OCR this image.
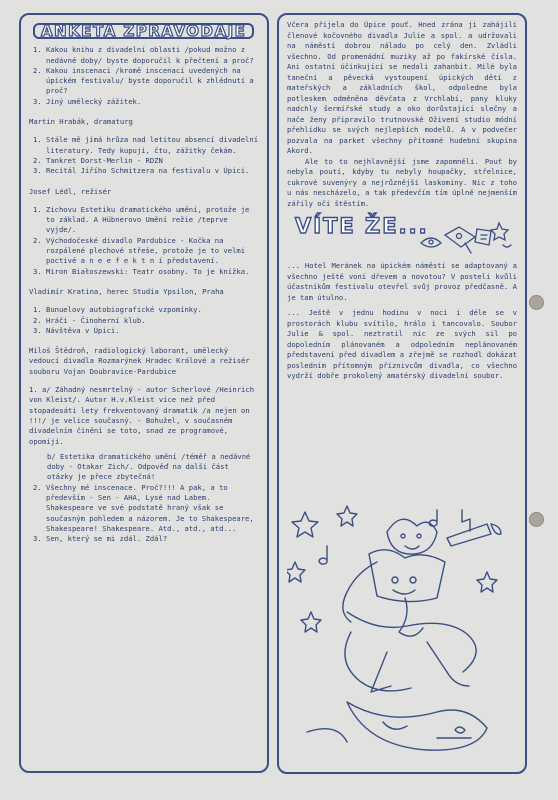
ANKETA ZPRAVODAJE
1. Kakou knihu z divadelní oblasti /pokud možno z nedávné doby/ byste doporučil k přečtení a proč?
2. Kakou inscenaci /kromě inscenací uvedených na úpickém festivalu/ byste doporučil k zhlédnutí a proč?
3. Jiný umělecký zážitek.

Martin Hrabák, dramaturg

1. Stále mě jímá hrůza nad letitou absencí divadelní literatury. Tedy kupuji, čtu, zážitky čekám.
2. Tankret Dorst-Merlin - RDZN
3. Recitál Jiřího Schmitzera na festivalu v Úpici.

Josef Lédl, režisér

1. Zichovu Estetiku dramatického umění, protože je to základ. A Hübnerovo Umění režie /teprve vyjde/.
2. Východočeské divadlo Pardubice - Kočka na rozpálené plechové střeše, protože je to velmi poctivé a n e e f e k t n í představení.
3. Miron Białoszewski: Teatr osobny. To je knížka.

Vladimír Kratina, herec Studia Ypsilon, Praha

1. Bunuelovy autobiografické vzpomínky.
2. Hráči - Činoherní klub.
3. Návštěva v Úpici.

Miloš Štědroň, radiologický laborant, umělecký vedoucí divadla Rozmarýnek Hradec Králové a režisér souboru Vojan Doubravice-Pardubice

1. a/ Záhadný nesmrtelný - autor Scherlové /Heinrich von Kleist/. Autor H.v.Kleist více než před stopadesáti lety frekventovaný dramatik /a nejen on !!!/ je velice současný. - Bohužel, v současném divadelním činění se toto, snad ze programové, opomíjí.

b/ Estetika dramatického umění /téměř a nedávné doby - Otakar Zich/. Odpověď na další část otázky je přece zbytečná!

2. Všechny mé inscenace. Proč?!!! A pak, a to především - Sen - AHA, Lysé nad Labem. Shakespeare ve své podstatě hraný však se současným pohledem a názorem. Je to Shakespeare, Shakespeare! Shakespeare. Atd., atd., atd...
3. Sen, který se mi zdál. Zdál?

Včera přijela do Úpice pouť. Hned zrána ji zahájili členové kočovného divadla Julie a spol. a udržovali na náměstí dobrou náladu po celý den. Zvládli všechno. Od promenádní muziky až po fakírské čísla. Ani ostatní účinkující se nedali zahanbit. Milé byla taneční a pěvecká vystoupení úpických dětí z mateřských a základních škol, odpoledne byla potleskem odměněna děvčata z Vrchlabí, pany kluky nadchly šermířské study a oko dorůstající slečny a nače ženy připravilo trutnovské Oživení studio módní přehlídku se svých nejlepších modelů. A v podvečer pozvala na parket všechny přítomné hudební skupina Akord.

Ale to to nejhlavnější jsme zapomněli. Pouť by nebyla poutí, kdyby tu nebyly houpačky, střelnice, cukrové suvenýry a nejrůznější laskominy. Nic z toho u nás nescházelo, a tak předevčím tím úplně nejmenším zářily oči štěstím.

VÍTE ŽE...

... Hotel Meránek na úpickém náměstí se adaptovaný a všechno ještě voní dřevem a novotou? V posteli kvůli účastníkům festivalu otevřel svůj provoz předčasně. A je tam útulno.

... Ještě v jednu hodinu v noci i déle se v prostorách klubu svítilo, hrálo i tancovalo. Soubor Julie & spol. neztratil nic ze svých sil po dopoledním plánovaném a odpoledním neplánovaném představení před divadlem a zřejmě se rozhodl dokázat posledním přítomným příznivcům divadla, co všechno vydrží dobře prokolený amatérský divadelní soubor.
